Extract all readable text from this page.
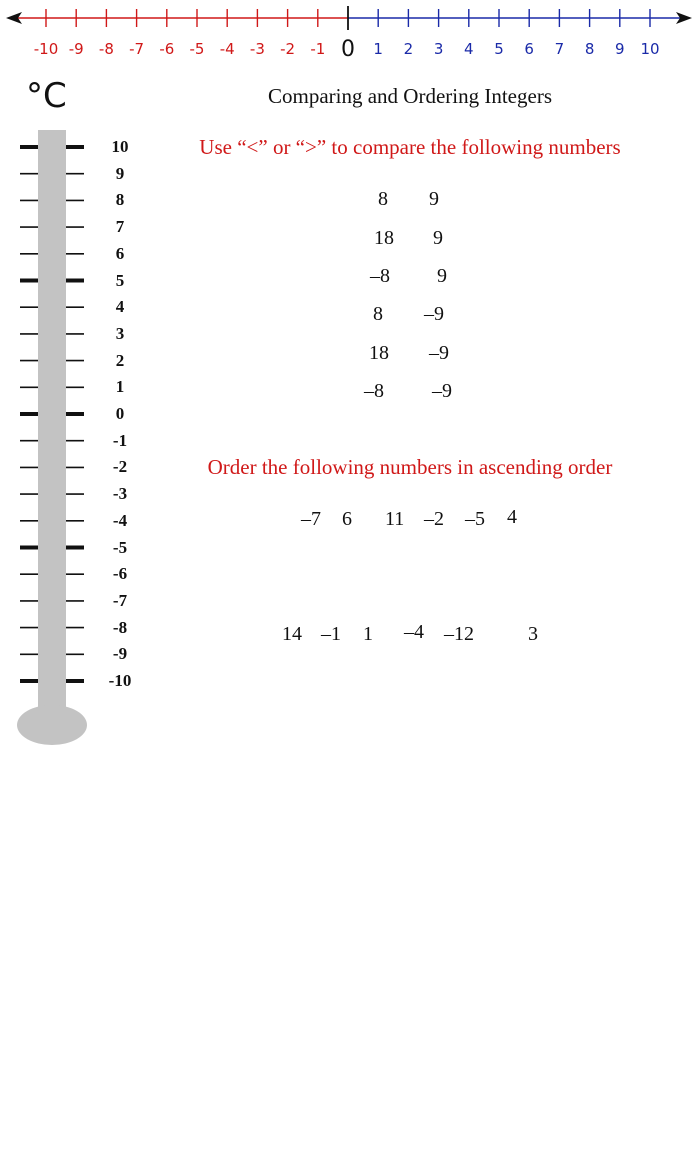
0
-10 -9 -8 -7 -6 -5 -4 -3 -2 -1	1 2 3 4 5 6 7 8 9 10
°C	Comparing and Ordering Integers
Use “<” or “>” to compare the following numbers
8 9
18 9
–8 9
8 –9
18 –9
–8 –9
Order the following numbers in ascending order
–7 6 11 –2 –5 4
14 –1 1 –4 –12	3
10
9
8
7
6
5
4
3
2
1
0
-1
-2
-3
-4
-5
-6
-7
-8
-9
-10
